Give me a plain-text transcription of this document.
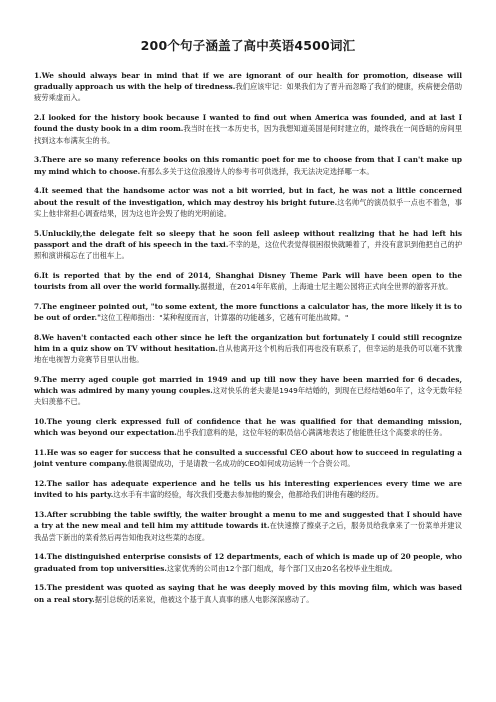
200个句子涵盖了高中英语4500词汇

1.We should always bear in mind that if we are ignorant of our health for promotion, disease will gradually approach us with the help of tiredness.我们应该牢记：如果我们为了晋升而忽略了我们的健康，疾病便会借助疲劳乘虚而入。

2.I looked for the history book because I wanted to find out when America was founded, and at last I found the dusty book in a dim room.我当时在找一本历史书，因为我想知道美国是何时建立的，最终我在一间昏暗的房间里找到这本布满灰尘的书。

3.There are so many reference books on this romantic poet for me to choose from that I can't make up my mind which to choose.有那么多关于这位浪漫诗人的参考书可供选择，我无法决定选择哪一本。

4.It seemed that the handsome actor was not a bit worried, but in fact, he was not a little concerned about the result of the investigation, which may destroy his bright future.这名帅气的演员似乎一点也不着急，事实上他非常担心调查结果，因为这也许会毁了他的光明前途。

5.Unluckily,the delegate felt so sleepy that he soon fell asleep without realizing that he had left his passport and the draft of his speech in the taxi.不幸的是，这位代表觉得很困很快就睡着了，并没有意识到他把自己的护照和演讲稿忘在了出租车上。

6.It is reported that by the end of 2014, Shanghai Disney Theme Park will have been open to the tourists from all over the world formally.据报道，在2014年年底前，上海迪士尼主题公园将正式向全世界的游客开放。

7.The engineer pointed out, "to some extent, the more functions a calculator has, the more likely it is to be out of order."这位工程师指出："某种程度而言，计算器的功能越多，它越有可能出故障。"

8.We haven't contacted each other since he left the organization but fortunately I could still recognize him in a quiz show on TV without hesitation.自从他离开这个机构后我们再也没有联系了，但幸运的是我仍可以毫不犹豫地在电视智力竞赛节目里认出他。

9.The merry aged couple got married in 1949 and up till now they have been married for 6 decades, which was admired by many young couples.这对快乐的老夫妻是1949年结婚的，到现在已经结婚60年了，这令无数年轻夫妇羡慕不已。

10.The young clerk expressed full of confidence that he was qualified for that demanding mission, which was beyond our expectation.出乎我们意料的是，这位年轻的职员信心满满地表达了他能胜任这个高要求的任务。

11.He was so eager for success that he consulted a successful CEO about how to succeed in regulating a joint venture company.他很渴望成功，于是请教一名成功的CEO如何成功运转一个合资公司。

12.The sailor has adequate experience and he tells us his interesting experiences every time we are invited to his party.这水手有丰富的经验，每次我们受邀去参加他的聚会，他都给我们讲他有趣的经历。

13.After scrubbing the table swiftly, the waiter brought a menu to me and suggested that I should have a try at the new meal and tell him my attitude towards it.在快速擦了擦桌子之后，服务员给我拿来了一份菜单并建议我品尝下新出的菜肴然后再告知他我对这些菜的态度。

14.The distinguished enterprise consists of 12 departments, each of which is made up of 20 people, who graduated from top universities.这家优秀的公司由12个部门组成，每个部门又由20名名校毕业生组成。

15.The president was quoted as saying that he was deeply moved by this moving film, which was based on a real story.据引总统的话来说，他被这个基于真人真事的感人电影深深感动了。
